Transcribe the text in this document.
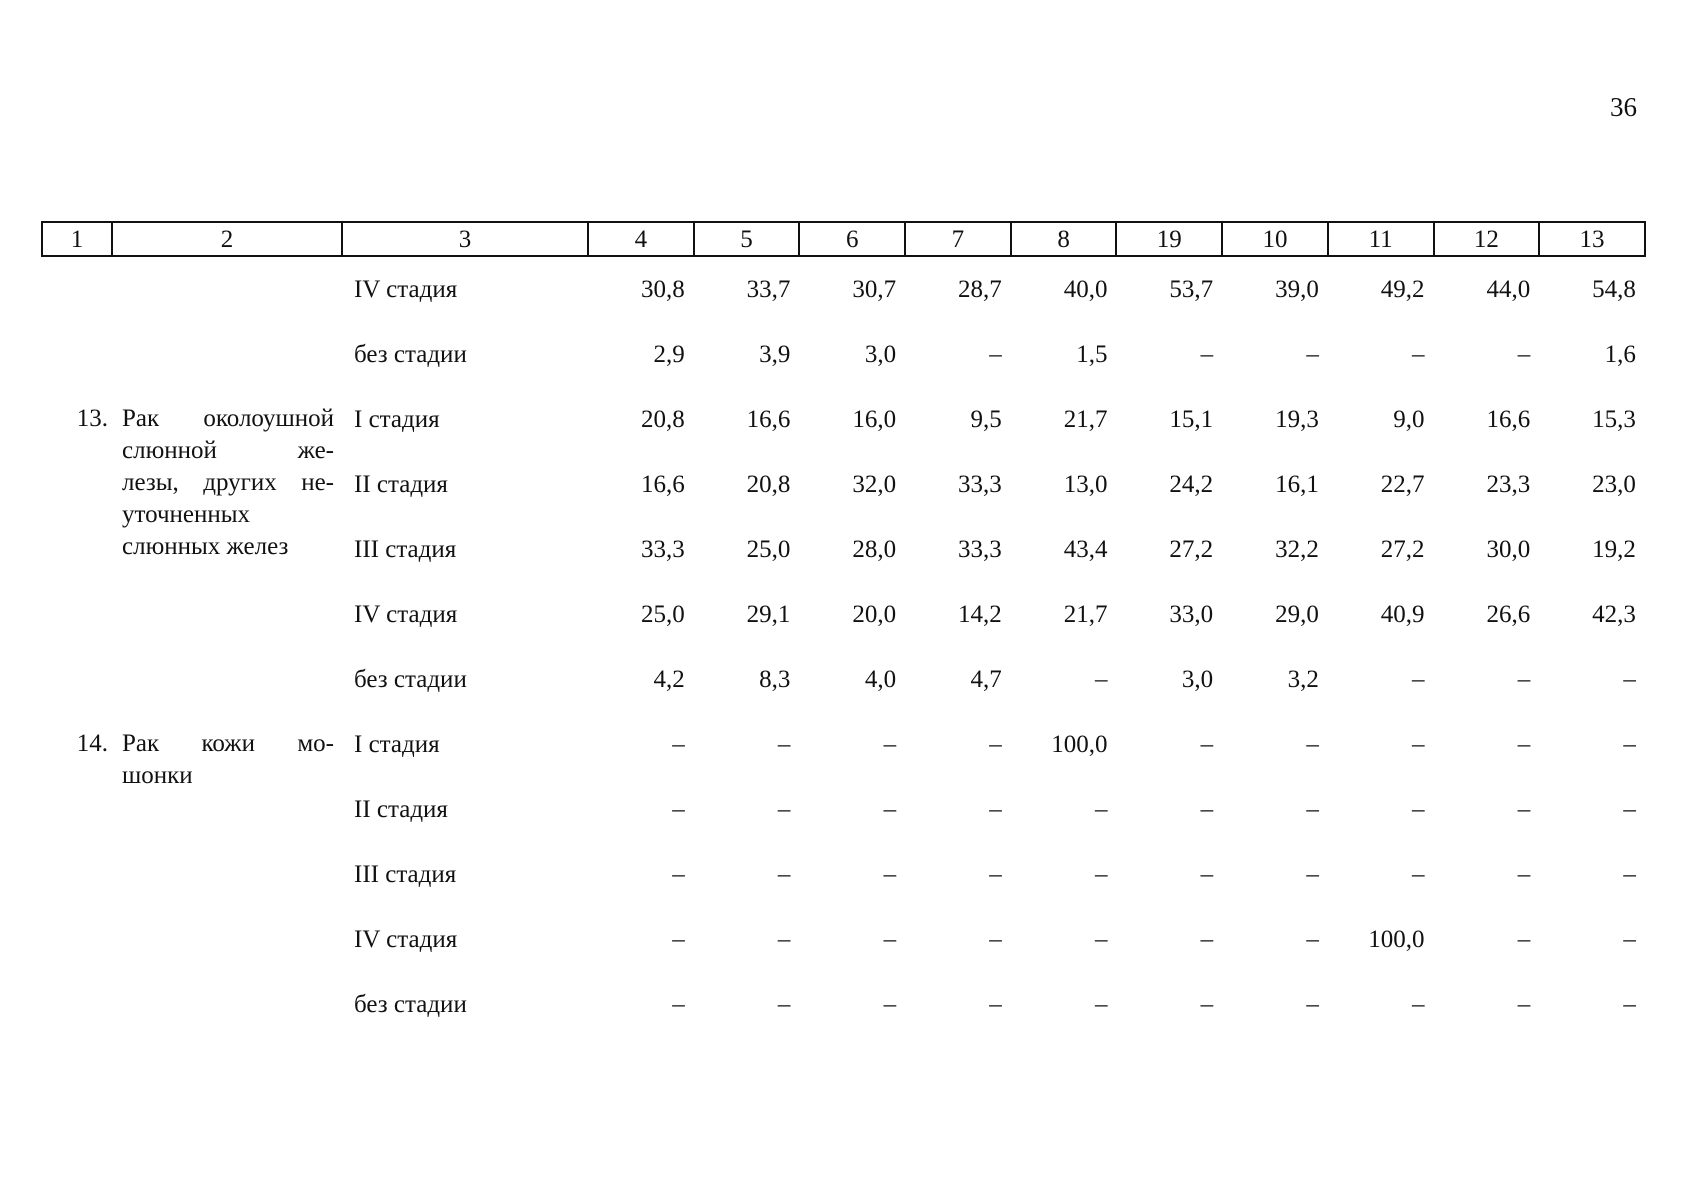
36
1	2	3	4	5	6	7	8	19	10	11	12	13
		IV стадия	30,8	33,7	30,7	28,7	40,0	53,7	39,0	49,2	44,0	54,8
		без стадии	2,9	3,9	3,0	–	1,5	–	–	–	–	1,6
13.	Рак околоушной
слюнной же-
лезы, других не-
уточненных
слюнных желез	I стадия	20,8	16,6	16,0	9,5	21,7	15,1	19,3	9,0	16,6	15,3
		II стадия	16,6	20,8	32,0	33,3	13,0	24,2	16,1	22,7	23,3	23,0
		III стадия	33,3	25,0	28,0	33,3	43,4	27,2	32,2	27,2	30,0	19,2
		IV стадия	25,0	29,1	20,0	14,2	21,7	33,0	29,0	40,9	26,6	42,3
		без стадии	4,2	8,3	4,0	4,7	–	3,0	3,2	–	–	–
14.	Рак кожи мо-
шонки	I стадия	–	–	–	–	100,0	–	–	–	–	–
		II стадия	–	–	–	–	–	–	–	–	–	–
		III стадия	–	–	–	–	–	–	–	–	–	–
		IV стадия	–	–	–	–	–	–	–	100,0	–	–
		без стадии	–	–	–	–	–	–	–	–	–	–
